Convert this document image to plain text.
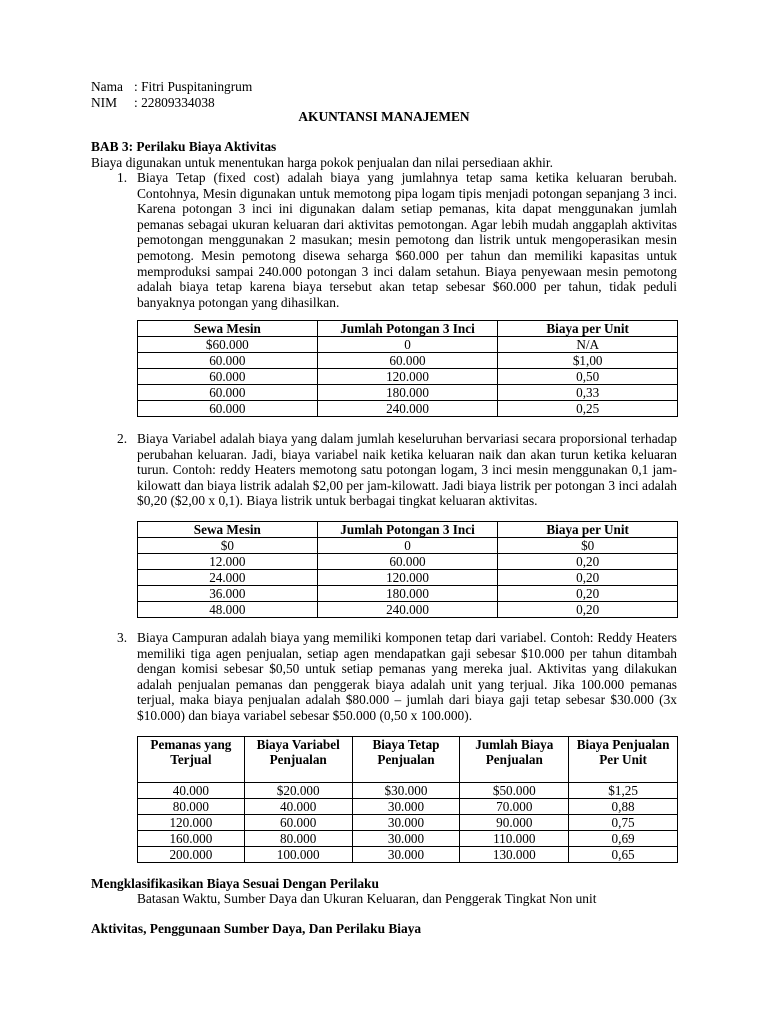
Nama : Fitri Puspitaningrum
NIM : 22809334038
AKUNTANSI MANAJEMEN
BAB 3: Perilaku Biaya Aktivitas
Biaya digunakan untuk menentukan harga pokok penjualan dan nilai persediaan akhir.
1. Biaya Tetap (fixed cost) adalah biaya yang jumlahnya tetap sama ketika keluaran berubah. Contohnya, Mesin digunakan untuk memotong pipa logam tipis menjadi potongan sepanjang 3 inci. Karena potongan 3 inci ini digunakan dalam setiap pemanas, kita dapat menggunakan jumlah pemanas sebagai ukuran keluaran dari aktivitas pemotongan. Agar lebih mudah anggaplah aktivitas pemotongan menggunakan 2 masukan; mesin pemotong dan listrik untuk mengoperasikan mesin pemotong. Mesin pemotong disewa seharga $60.000 per tahun dan memiliki kapasitas untuk memproduksi sampai 240.000 potongan 3 inci dalam setahun. Biaya penyewaan mesin pemotong adalah biaya tetap karena biaya tersebut akan tetap sebesar $60.000 per tahun, tidak peduli banyaknya potongan yang dihasilkan.
Sewa Mesin	Jumlah Potongan 3 Inci	Biaya per Unit
$60.000	0	N/A
60.000	60.000	$1,00
60.000	120.000	0,50
60.000	180.000	0,33
60.000	240.000	0,25
2. Biaya Variabel adalah biaya yang dalam jumlah keseluruhan bervariasi secara proporsional terhadap perubahan keluaran. Jadi, biaya variabel naik ketika keluaran naik dan akan turun ketika keluaran turun. Contoh: reddy Heaters memotong satu potongan logam, 3 inci mesin menggunakan 0,1 jam-kilowatt dan biaya listrik adalah $2,00 per jam-kilowatt. Jadi biaya listrik per potongan 3 inci adalah $0,20 ($2,00 x 0,1). Biaya listrik untuk berbagai tingkat keluaran aktivitas.
Sewa Mesin	Jumlah Potongan 3 Inci	Biaya per Unit
$0	0	$0
12.000	60.000	0,20
24.000	120.000	0,20
36.000	180.000	0,20
48.000	240.000	0,20
3. Biaya Campuran adalah biaya yang memiliki komponen tetap dari variabel. Contoh: Reddy Heaters memiliki tiga agen penjualan, setiap agen mendapatkan gaji sebesar $10.000 per tahun ditambah dengan komisi sebesar $0,50 untuk setiap pemanas yang mereka jual. Aktivitas yang dilakukan adalah penjualan pemanas dan penggerak biaya adalah unit yang terjual. Jika 100.000 pemanas terjual, maka biaya penjualan adalah $80.000 – jumlah dari biaya gaji tetap sebesar $30.000 (3x $10.000) dan biaya variabel sebesar $50.000 (0,50 x 100.000).
Pemanas yang Terjual	Biaya Variabel Penjualan	Biaya Tetap Penjualan	Jumlah Biaya Penjualan	Biaya Penjualan Per Unit
40.000	$20.000	$30.000	$50.000	$1,25
80.000	40.000	30.000	70.000	0,88
120.000	60.000	30.000	90.000	0,75
160.000	80.000	30.000	110.000	0,69
200.000	100.000	30.000	130.000	0,65
Mengklasifikasikan Biaya Sesuai Dengan Perilaku
Batasan Waktu, Sumber Daya dan Ukuran Keluaran, dan Penggerak Tingkat Non unit
Aktivitas, Penggunaan Sumber Daya, Dan Perilaku Biaya
